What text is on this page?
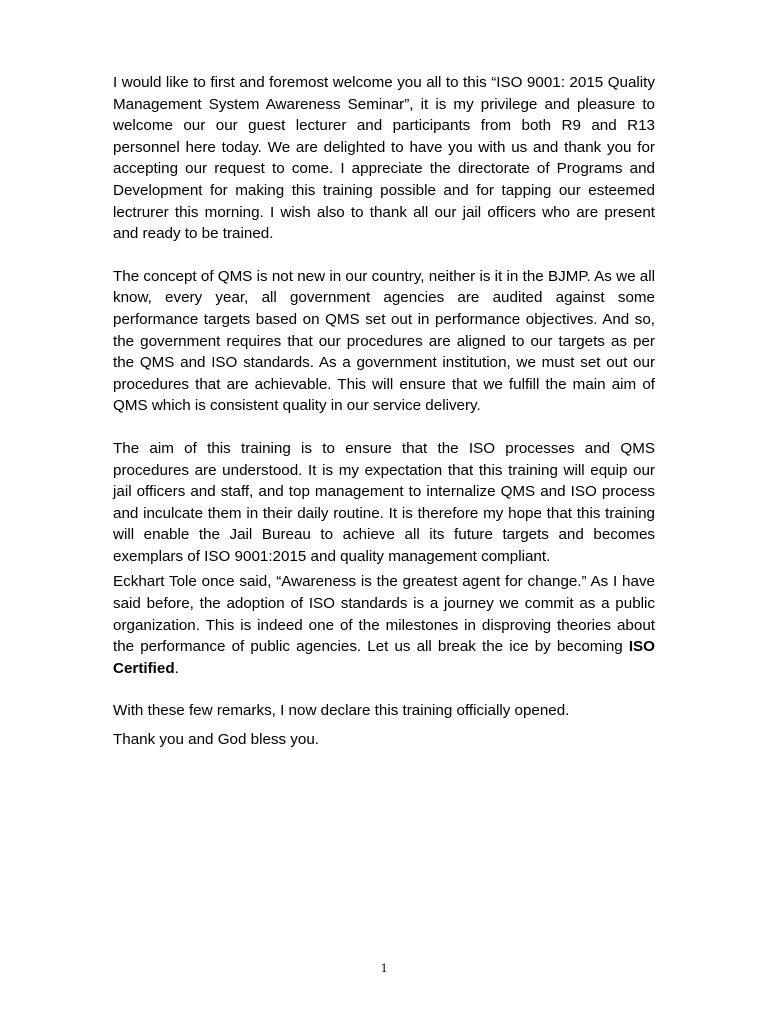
I would like to first and foremost welcome you all to this “ISO 9001: 2015 Quality Management System Awareness Seminar”, it is my privilege and pleasure to welcome our our guest lecturer and participants from both R9 and R13 personnel here today. We are delighted to have you with us and thank you for accepting our request to come. I appreciate the directorate of Programs and Development for making this training possible and for tapping our esteemed lectrurer this morning. I wish also to thank all our jail officers who are present and ready to be trained.

The concept of QMS is not new in our country, neither is it in the BJMP. As we all know, every year, all government agencies are audited against some performance targets based on QMS set out in performance objectives. And so, the government requires that our procedures are aligned to our targets as per the QMS and ISO standards. As a government institution, we must set out our procedures that are achievable. This will ensure that we fulfill the main aim of QMS which is consistent quality in our service delivery.

The aim of this training is to ensure that the ISO processes and QMS procedures are understood. It is my expectation that this training will equip our jail officers and staff, and top management to internalize QMS and ISO process and inculcate them in their daily routine. It is therefore my hope that this training will enable the Jail Bureau to achieve all its future targets and becomes exemplars of ISO 9001:2015 and quality management compliant.

Eckhart Tole once said, “Awareness is the greatest agent for change.” As I have said before, the adoption of ISO standards is a journey we commit as a public organization. This is indeed one of the milestones in disproving theories about the performance of public agencies. Let us all break the ice by becoming ISO Certified.

With these few remarks, I now declare this training officially opened.

Thank you and God bless you.

1
